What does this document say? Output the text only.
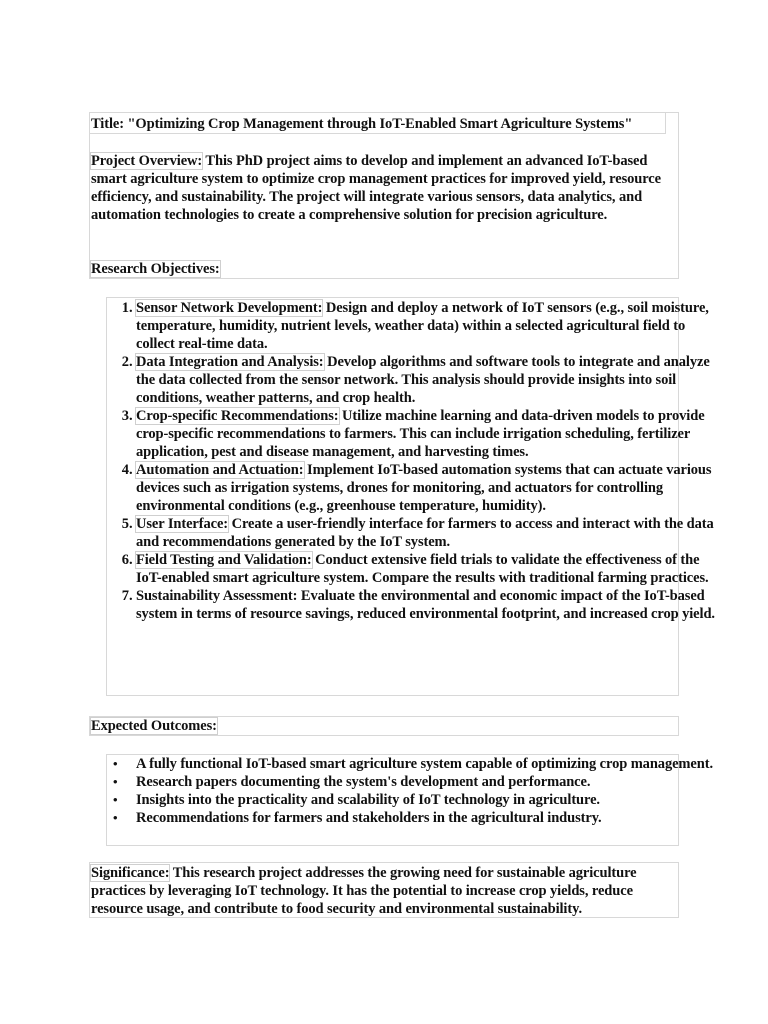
Title: "Optimizing Crop Management through IoT-Enabled Smart Agriculture Systems"

Project Overview: This PhD project aims to develop and implement an advanced IoT-based smart agriculture system to optimize crop management practices for improved yield, resource efficiency, and sustainability. The project will integrate various sensors, data analytics, and automation technologies to create a comprehensive solution for precision agriculture.

Research Objectives:

1. Sensor Network Development: Design and deploy a network of IoT sensors (e.g., soil moisture, temperature, humidity, nutrient levels, weather data) within a selected agricultural field to collect real-time data.
2. Data Integration and Analysis: Develop algorithms and software tools to integrate and analyze the data collected from the sensor network. This analysis should provide insights into soil conditions, weather patterns, and crop health.
3. Crop-specific Recommendations: Utilize machine learning and data-driven models to provide crop-specific recommendations to farmers. This can include irrigation scheduling, fertilizer application, pest and disease management, and harvesting times.
4. Automation and Actuation: Implement IoT-based automation systems that can actuate various devices such as irrigation systems, drones for monitoring, and actuators for controlling environmental conditions (e.g., greenhouse temperature, humidity).
5. User Interface: Create a user-friendly interface for farmers to access and interact with the data and recommendations generated by the IoT system.
6. Field Testing and Validation: Conduct extensive field trials to validate the effectiveness of the IoT-enabled smart agriculture system. Compare the results with traditional farming practices.
7. Sustainability Assessment: Evaluate the environmental and economic impact of the IoT-based system in terms of resource savings, reduced environmental footprint, and increased crop yield.

Expected Outcomes:

• A fully functional IoT-based smart agriculture system capable of optimizing crop management.
• Research papers documenting the system's development and performance.
• Insights into the practicality and scalability of IoT technology in agriculture.
• Recommendations for farmers and stakeholders in the agricultural industry.

Significance: This research project addresses the growing need for sustainable agriculture practices by leveraging IoT technology. It has the potential to increase crop yields, reduce resource usage, and contribute to food security and environmental sustainability.
